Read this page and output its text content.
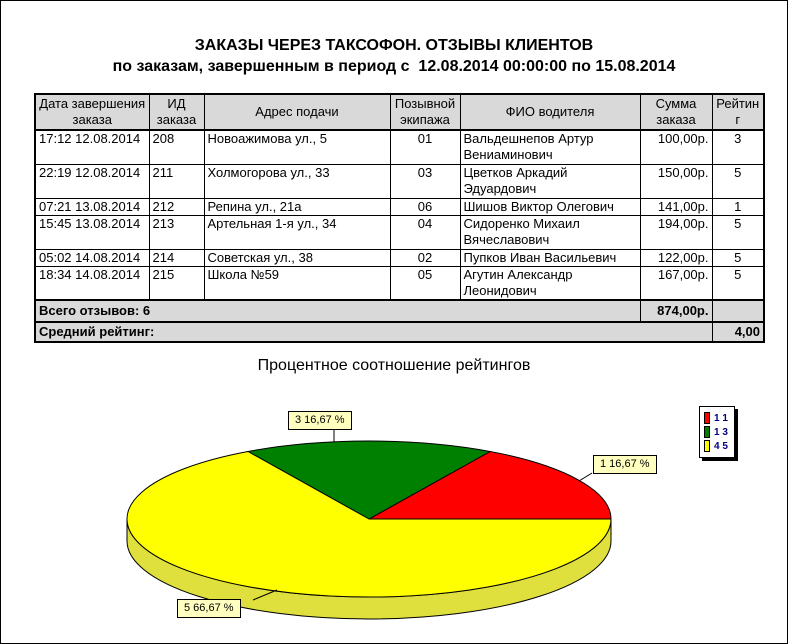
ЗАКАЗЫ ЧЕРЕЗ ТАКСОФОН. ОТЗЫВЫ КЛИЕНТОВ
по заказам, завершенным в период с  12.08.2014 00:00:00 по 15.08.2014
Дата завершения заказа	ИД заказа	Адрес подачи	Позывной экипажа	ФИО водителя	Сумма заказа	Рейтинг
17:12 12.08.2014	208	Новоажимова ул., 5	01	Вальдешнепов Артур Вениаминович	100,00р.	3
22:19 12.08.2014	211	Холмогорова ул., 33	03	Цветков Аркадий Эдуардович	150,00р.	5
07:21 13.08.2014	212	Репина ул., 21а	06	Шишов Виктор Олегович	141,00р.	1
15:45 13.08.2014	213	Артельная 1-я ул., 34	04	Сидоренко Михаил Вячеславович	194,00р.	5
05:02 14.08.2014	214	Советская ул., 38	02	Пупков Иван Васильевич	122,00р.	5
18:34 14.08.2014	215	Школа №59	05	Агутин Александр Леонидович	167,00р.	5
Всего отзывов: 6					874,00р.	
Средний рейтинг:						4,00
Процентное соотношение рейтингов
1 16,67 %
3 16,67 %
5 66,67 %
1 1
1 3
4 5
